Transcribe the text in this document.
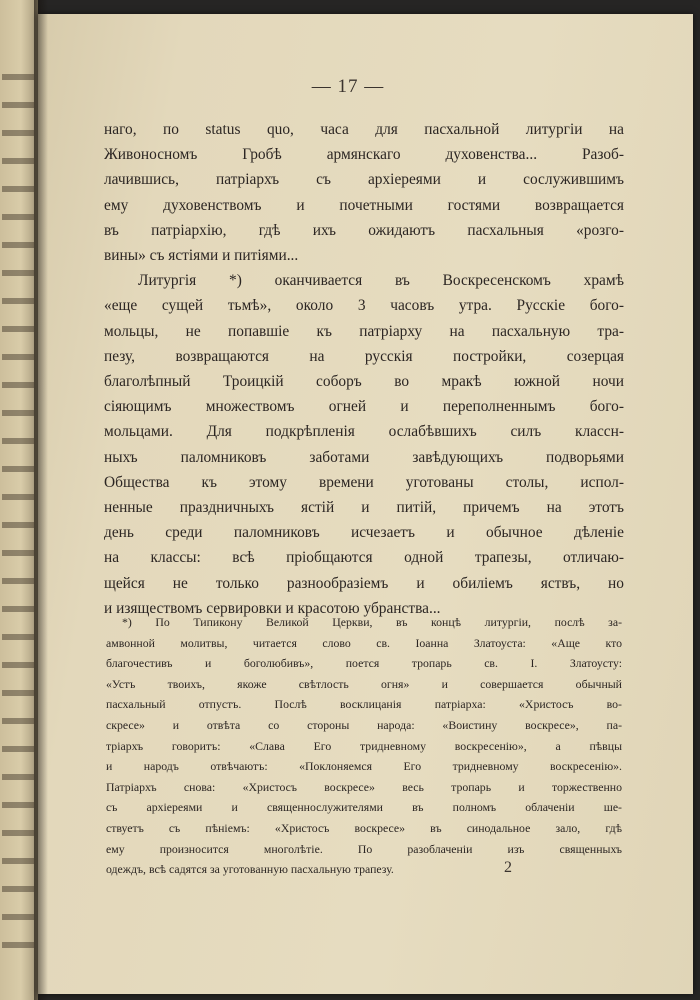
— 17 —
наго, по status quo, часа для пасхальной литургіи на
Живоносномъ Гробѣ армянскаго духовенства... Разоб-
лачившись, патріархъ съ архіереями и сослужившимъ
ему духовенствомъ и почетными гостями возвращается
въ патріархію, гдѣ ихъ ожидаютъ пасхальныя «розго-
вины» съ ястіями и питіями...
Литургія *) оканчивается въ Воскресенскомъ храмѣ
«еще сущей тьмѣ», около 3 часовъ утра. Русскіе бого-
мольцы, не попавшіе къ патріарху на пасхальную тра-
пезу, возвращаются на русскія постройки, созерцая
благолѣпный Троицкій соборъ во мракѣ южной ночи
сіяющимъ множествомъ огней и переполненнымъ бого-
мольцами. Для подкрѣпленія ослабѣвшихъ силъ классн-
ныхъ паломниковъ заботами завѣдующихъ подворьями
Общества къ этому времени уготованы столы, испол-
ненные праздничныхъ ястій и питій, причемъ на этотъ
день среди паломниковъ исчезаетъ и обычное дѣленіе
на классы: всѣ пріобщаются одной трапезы, отличаю-
щейся не только разнообразіемъ и обиліемъ яствъ, но
и изяществомъ сервировки и красотою убранства...
*) По Типикону Великой Церкви, въ концѣ литургіи, послѣ за-
амвонной молитвы, читается слово св. Іоанна Златоуста: «Аще кто
благочестивъ и боголюбивъ», поется тропарь св. І. Златоусту:
«Устъ твоихъ, якоже свѣтлость огня» и совершается обычный
пасхальный отпустъ. Послѣ восклицанія патріарха: «Христосъ во-
скресе» и отвѣта со стороны народа: «Воистину воскресе», па-
тріархъ говоритъ: «Слава Его тридневному воскресенію», а пѣвцы
и народъ отвѣчаютъ: «Поклоняемся Его тридневному воскресенію».
Патріархъ снова: «Христосъ воскресе» весь тропарь и торжественно
съ архіереями и священнослужителями въ полномъ облаченіи ше-
ствуетъ съ пѣніемъ: «Христосъ воскресе» въ синодальное зало, гдѣ
ему произносится многолѣтіе. По разоблаченіи изъ священныхъ
одеждъ, всѣ садятся за уготованную пасхальную трапезу.	2
